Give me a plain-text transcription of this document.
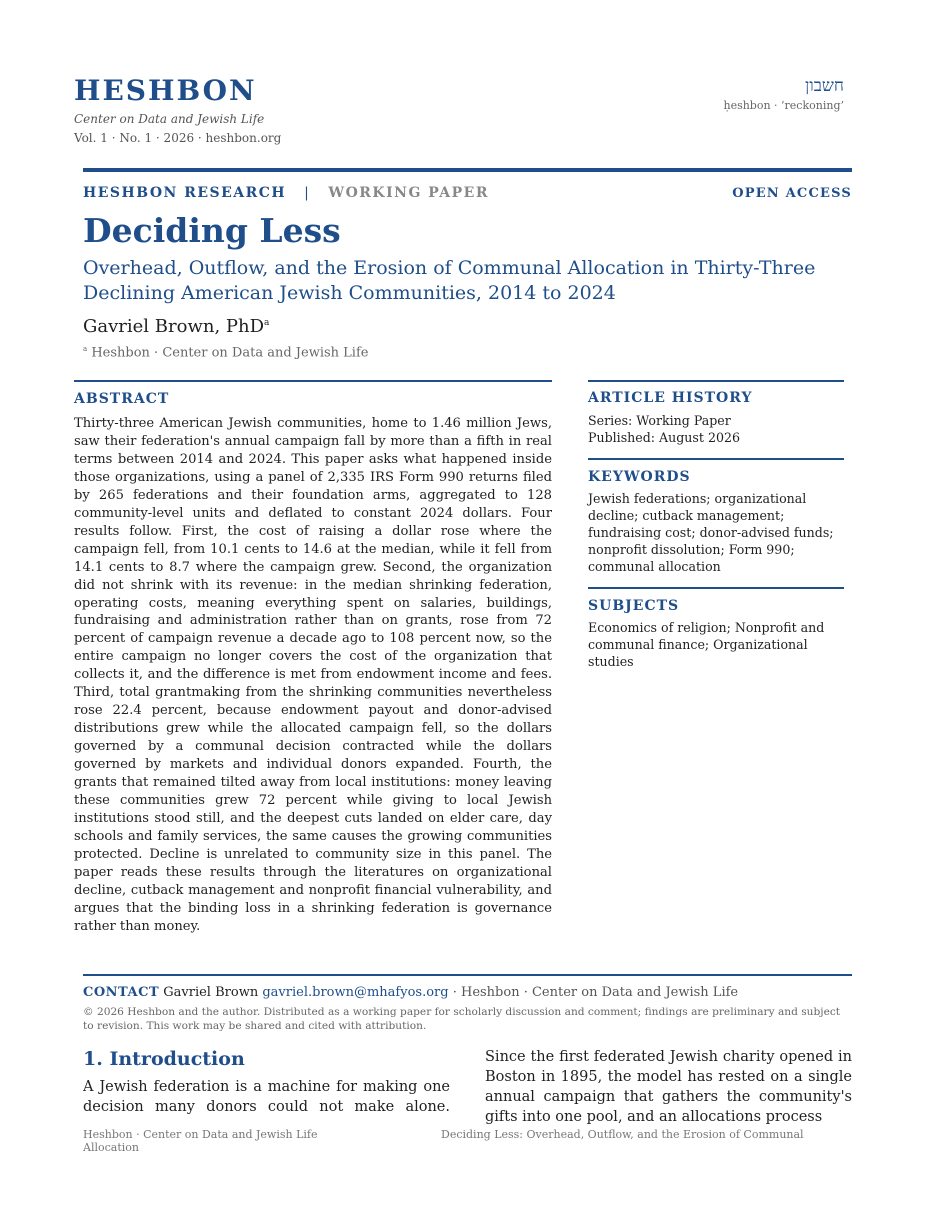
HESHBON
Center on Data and Jewish Life
Vol. 1 · No. 1 · 2026 · heshbon.org
חשבון
ḥeshbon · ‘reckoning’
HESHBON RESEARCH | WORKING PAPER	OPEN ACCESS
Deciding Less
Overhead, Outflow, and the Erosion of Communal Allocation in Thirty-Three Declining American Jewish Communities, 2014 to 2024
Gavriel Brown, PhD$^a$
$^a$ Heshbon · Center on Data and Jewish Life
ABSTRACT
Thirty-three American Jewish communities, home to 1.46 million Jews, saw their federation's annual campaign fall by more than a fifth in real terms between 2014 and 2024. This paper asks what happened inside those organizations, using a panel of 2,335 IRS Form 990 returns filed by 265 federations and their foundation arms, aggregated to 128 community-level units and deflated to constant 2024 dollars. Four results follow. First, the cost of raising a dollar rose where the campaign fell, from 10.1 cents to 14.6 at the median, while it fell from 14.1 cents to 8.7 where the campaign grew. Second, the organization did not shrink with its revenue: in the median shrinking federation, operating costs, meaning everything spent on salaries, buildings, fundraising and administration rather than on grants, rose from 72 percent of campaign revenue a decade ago to 108 percent now, so the entire campaign no longer covers the cost of the organization that collects it, and the difference is met from endowment income and fees. Third, total grantmaking from the shrinking communities nevertheless rose 22.4 percent, because endowment payout and donor-advised distributions grew while the allocated campaign fell, so the dollars governed by a communal decision contracted while the dollars governed by markets and individual donors expanded. Fourth, the grants that remained tilted away from local institutions: money leaving these communities grew 72 percent while giving to local Jewish institutions stood still, and the deepest cuts landed on elder care, day schools and family services, the same causes the growing communities protected. Decline is unrelated to community size in this panel. The paper reads these results through the literatures on organizational decline, cutback management and nonprofit financial vulnerability, and argues that the binding loss in a shrinking federation is governance rather than money.
ARTICLE HISTORY
Series: Working Paper
Published: August 2026
KEYWORDS
Jewish federations; organizational decline; cutback management; fundraising cost; donor-advised funds; nonprofit dissolution; Form 990; communal allocation
SUBJECTS
Economics of religion; Nonprofit and communal finance; Organizational studies
CONTACT Gavriel Brown gavriel.brown@mhafyos.org · Heshbon · Center on Data and Jewish Life
© 2026 Heshbon and the author. Distributed as a working paper for scholarly discussion and comment; findings are preliminary and subject to revision. This work may be shared and cited with attribution.
1. Introduction
A Jewish federation is a machine for making one decision many donors could not make alone.
Since the first federated Jewish charity opened in Boston in 1895, the model has rested on a single annual campaign that gathers the community's gifts into one pool, and an allocations process
Heshbon · Center on Data and Jewish Life	Deciding Less: Overhead, Outflow, and the Erosion of Communal
Allocation
